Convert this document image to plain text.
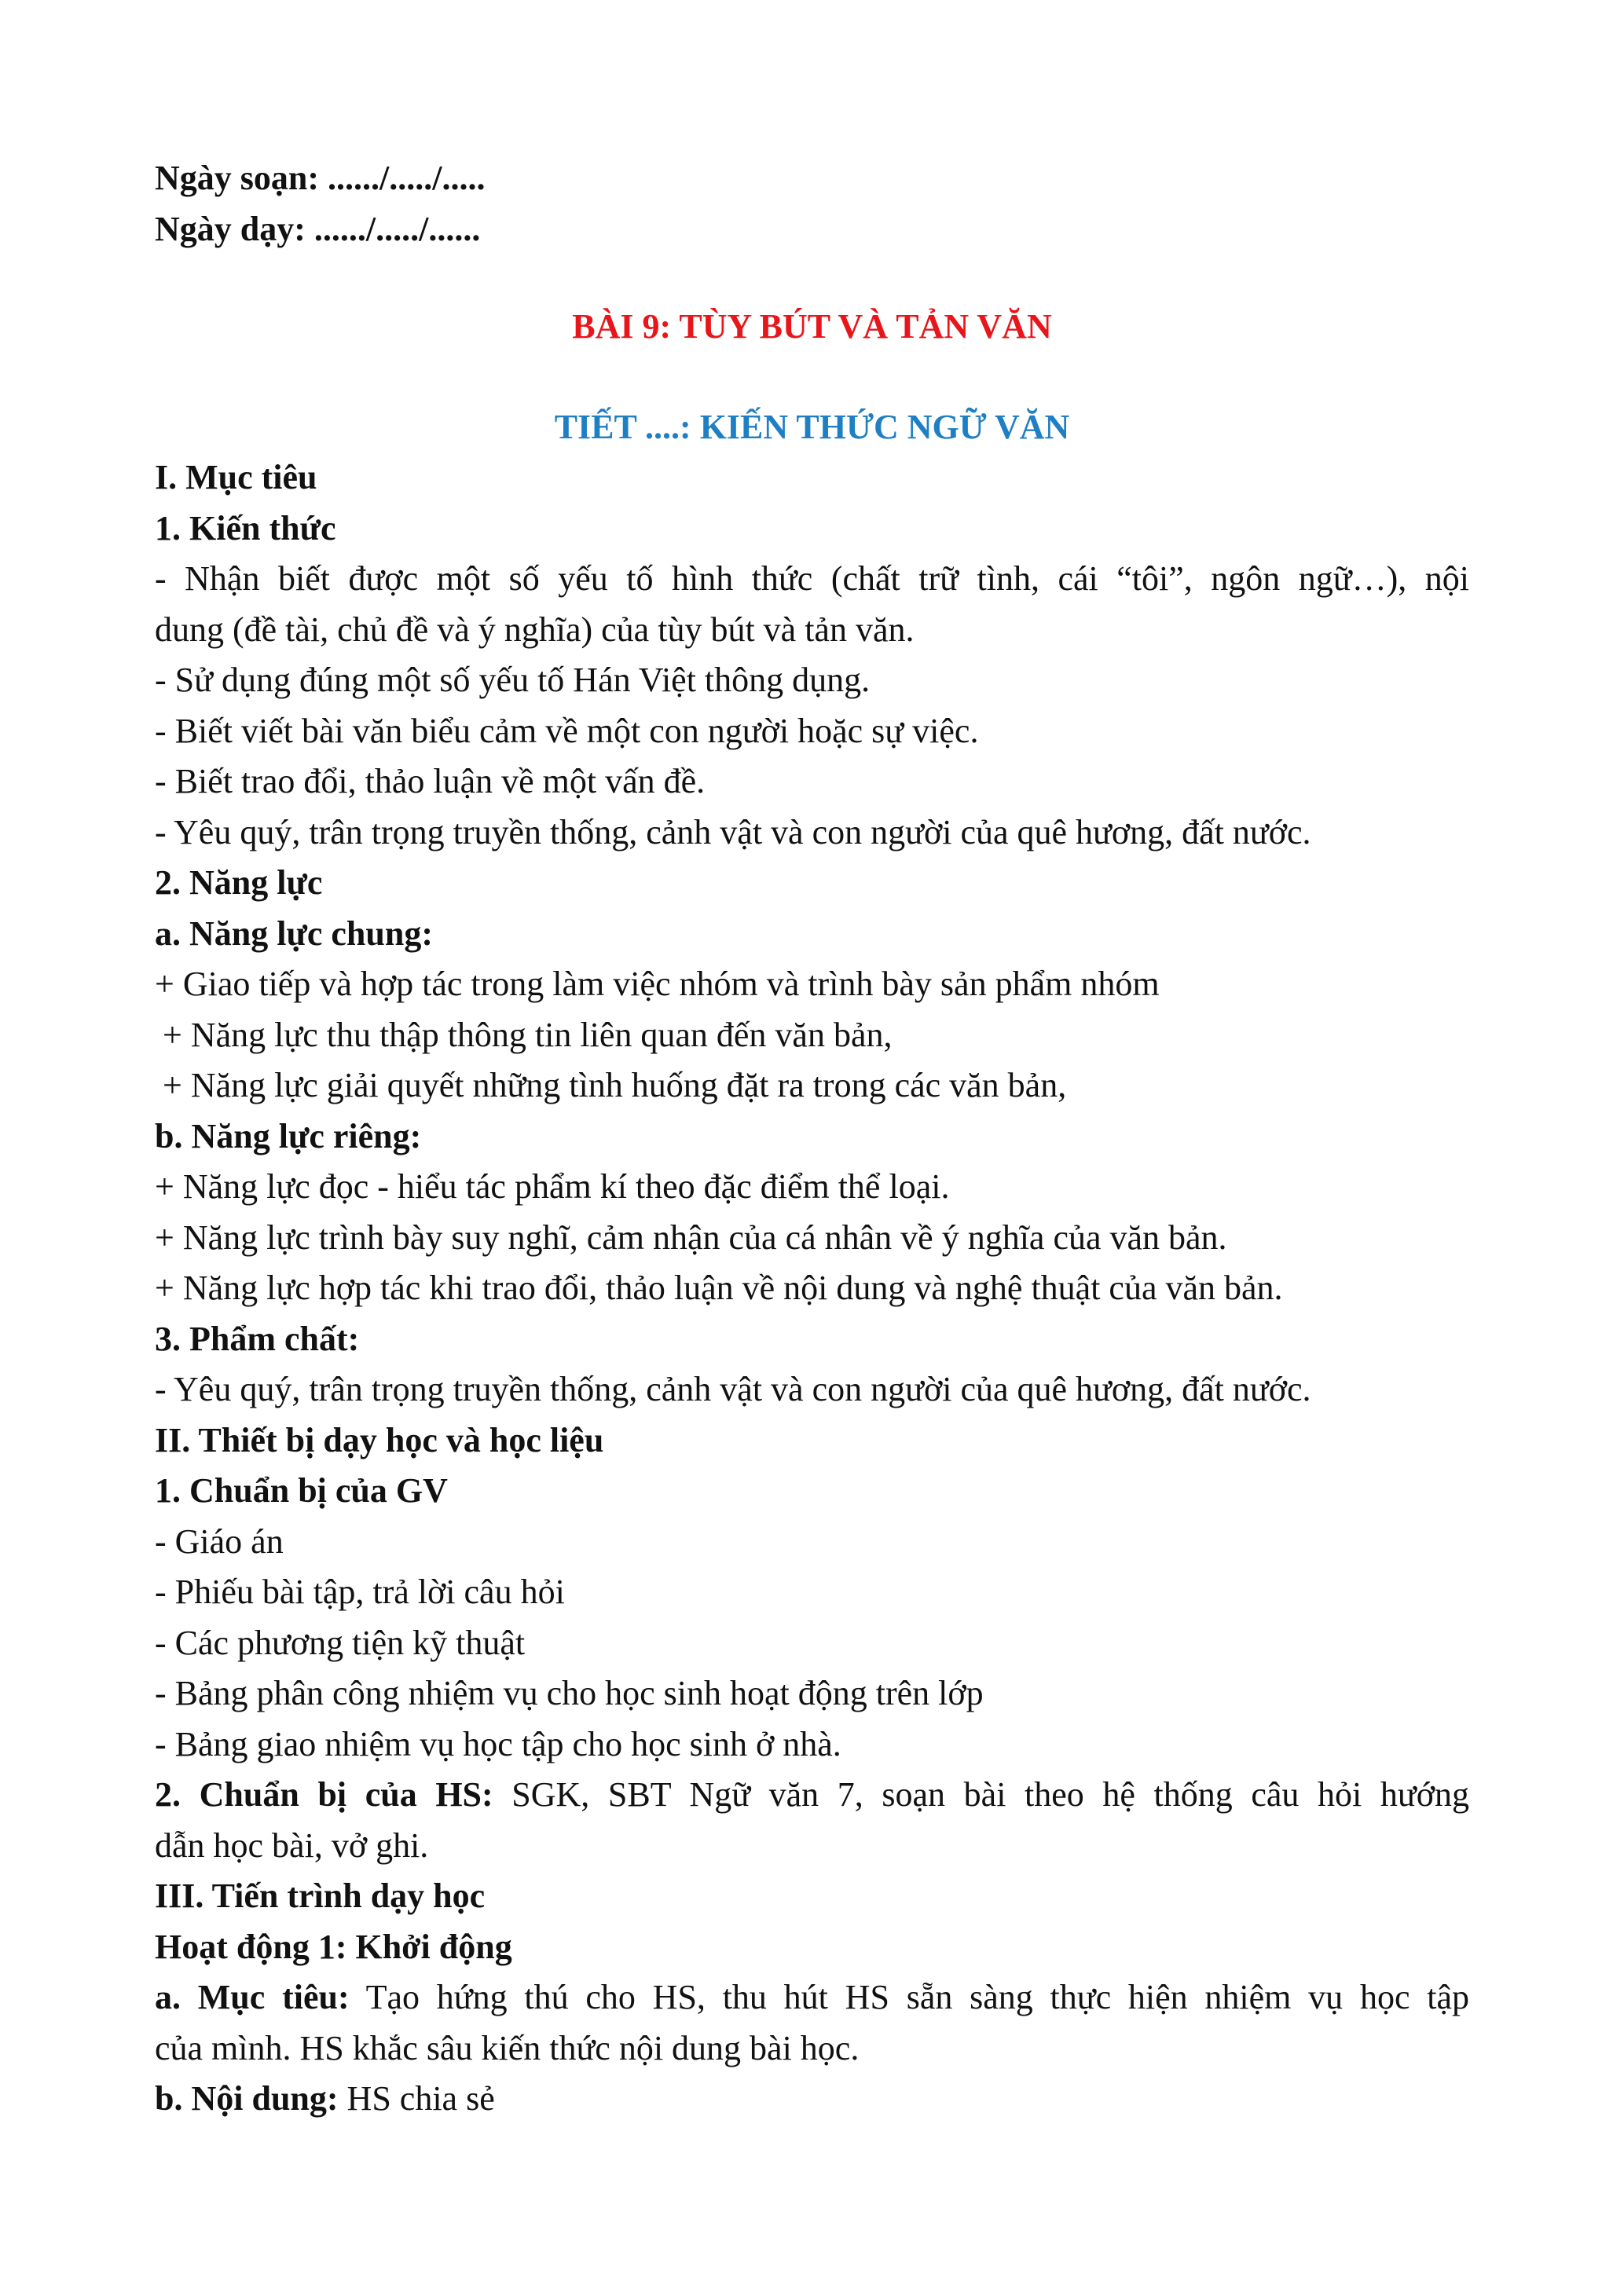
Ngày soạn: ....../...../.....
Ngày dạy: ....../...../......
BÀI 9: TÙY BÚT VÀ TẢN VĂN
TIẾT ....: KIẾN THỨC NGỮ VĂN
I. Mục tiêu
1. Kiến thức
- Nhận biết được một số yếu tố hình thức (chất trữ tình, cái “tôi”, ngôn ngữ…), nội
dung (đề tài, chủ đề và ý nghĩa) của tùy bút và tản văn.
- Sử dụng đúng một số yếu tố Hán Việt thông dụng.
- Biết viết bài văn biểu cảm về một con người hoặc sự việc.
- Biết trao đổi, thảo luận về một vấn đề.
- Yêu quý, trân trọng truyền thống, cảnh vật và con người của quê hương, đất nước.
2. Năng lực
a. Năng lực chung:
+ Giao tiếp và hợp tác trong làm việc nhóm và trình bày sản phẩm nhóm
+ Năng lực thu thập thông tin liên quan đến văn bản,
+ Năng lực giải quyết những tình huống đặt ra trong các văn bản,
b. Năng lực riêng:
+ Năng lực đọc - hiểu tác phẩm kí theo đặc điểm thể loại.
+ Năng lực trình bày suy nghĩ, cảm nhận của cá nhân về ý nghĩa của văn bản.
+ Năng lực hợp tác khi trao đổi, thảo luận về nội dung và nghệ thuật của văn bản.
3. Phẩm chất:
- Yêu quý, trân trọng truyền thống, cảnh vật và con người của quê hương, đất nước.
II. Thiết bị dạy học và học liệu
1. Chuẩn bị của GV
- Giáo án
- Phiếu bài tập, trả lời câu hỏi
- Các phương tiện kỹ thuật
- Bảng phân công nhiệm vụ cho học sinh hoạt động trên lớp
- Bảng giao nhiệm vụ học tập cho học sinh ở nhà.
2. Chuẩn bị của HS: SGK, SBT Ngữ văn 7, soạn bài theo hệ thống câu hỏi hướng
dẫn học bài, vở ghi.
III. Tiến trình dạy học
Hoạt động 1: Khởi động
a. Mục tiêu: Tạo hứng thú cho HS, thu hút HS sẵn sàng thực hiện nhiệm vụ học tập
của mình. HS khắc sâu kiến thức nội dung bài học.
b. Nội dung: HS chia sẻ
